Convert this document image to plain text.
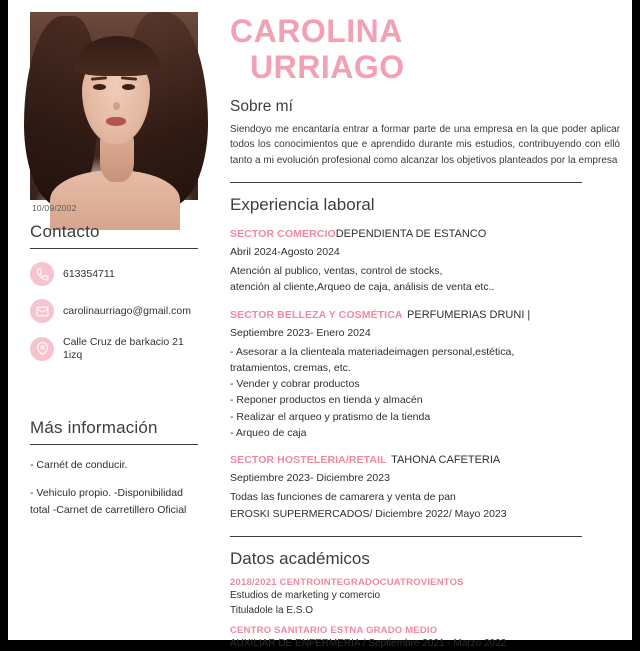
10/09/2002
Contacto
613354711
carolinaurriago@gmail.com
Calle Cruz de barkacio 21 1izq
Más información

- Carnét de conducir.

- Vehiculo propio. -Disponibilidad total -Carnet de carretillero Oficial

CAROLINA
URRIAGO
Sobre mí
Siendoyo me encantaría entrar a formar parte de una empresa en la que poder aplicar todos los conocimientos que e aprendido durante mis estudios, contribuyendo con elló tanto a mi evolución profesional como alcanzar los objetivos planteados por la empresa
Experiencia laboral
SECTOR COMERCIODEPENDIENTA DE ESTANCO
Abril 2024-Agosto 2024
Atención al publico, ventas, control de stocks,
atención al cliente,Arqueo de caja, análisis de venta etc..
SECTOR BELLEZA Y COSMÉTICA PERFUMERIAS DRUNI |
Septiembre 2023- Enero 2024
- Asesorar a la clienteala materiadeimagen personal,estética,
tratamientos, cremas, etc.
- Vender y cobrar productos
- Reponer productos en tienda y almacén
- Realizar el arqueo y pratismo de la tienda
- Arqueo de caja
SECTOR HOSTELERIA/RETAIL TAHONA CAFETERIA
Septiembre 2023- Diciembre 2023
Todas las funciones de camarera y venta de pan
EROSKI SUPERMERCADOS/ Diciembre 2022/ Mayo 2023
Datos académicos
2018/2021 CENTROINTEGRADOCUATROVIENTOS
Estudios de marketing y comercio
Tituladole la E.S.O
CENTRO SANITARIO ESTNA GRADO MEDIO
AUXILIAR DE ENFERMERIA / Septiembre 2021 - Marzo 2022
